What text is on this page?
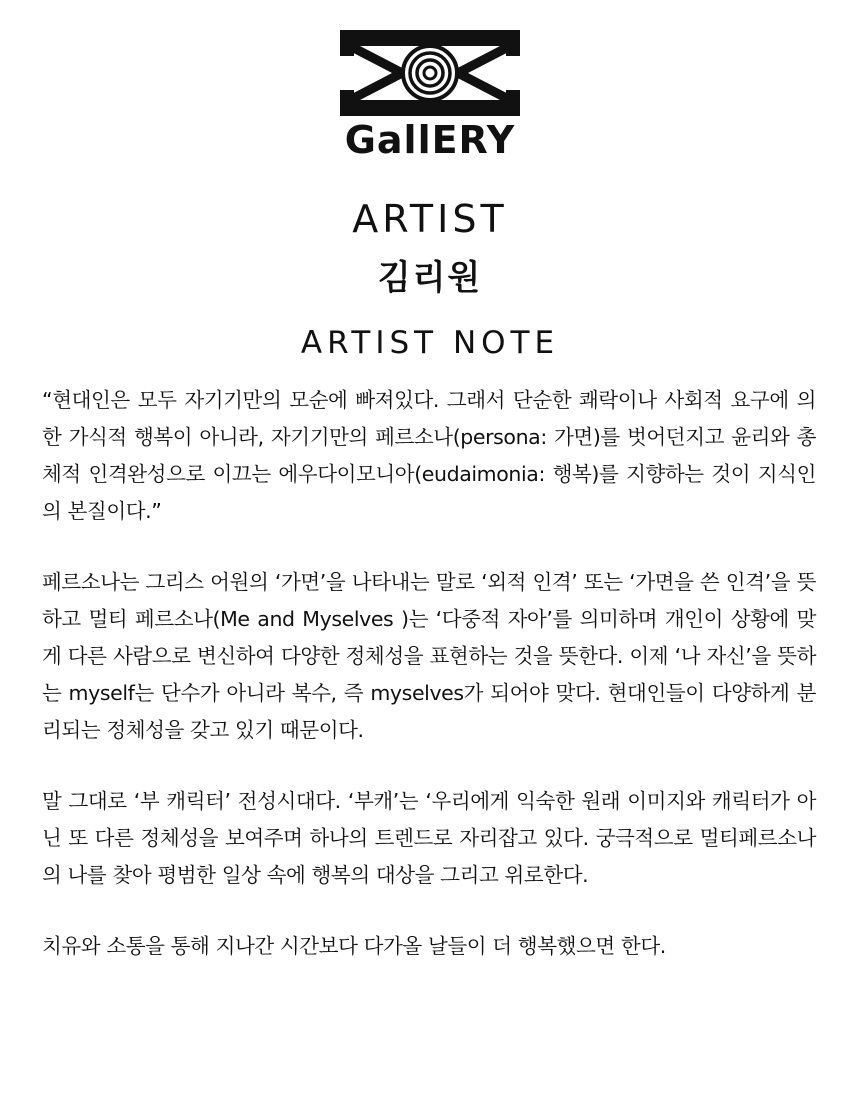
GallERY
ARTIST
김리원
ARTIST NOTE

“현대인은 모두 자기기만의 모순에 빠져있다. 그래서 단순한 쾌락이나 사회적 요구에 의한 가식적 행복이 아니라, 자기기만의 페르소나(persona: 가면)를 벗어던지고 윤리와 총체적 인격완성으로 이끄는 에우다이모니아(eudaimonia: 행복)를 지향하는 것이 지식인의 본질이다.”

페르소나는 그리스 어원의 ‘가면’을 나타내는 말로 ‘외적 인격’ 또는 ‘가면을 쓴 인격’을 뜻하고 멀티 페르소나(Me and Myselves )는 ‘다중적 자아’를 의미하며 개인이 상황에 맞게 다른 사람으로 변신하여 다양한 정체성을 표현하는 것을 뜻한다. 이제 ‘나 자신’을 뜻하는 myself는 단수가 아니라 복수, 즉 myselves가 되어야 맞다. 현대인들이 다양하게 분리되는 정체성을 갖고 있기 때문이다.

말 그대로 ‘부 캐릭터’ 전성시대다. ‘부캐’는 ‘우리에게 익숙한 원래 이미지와 캐릭터가 아닌 또 다른 정체성을 보여주며 하나의 트렌드로 자리잡고 있다. 궁극적으로 멀티페르소나의 나를 찾아 평범한 일상 속에 행복의 대상을 그리고 위로한다.

치유와 소통을 통해 지나간 시간보다 다가올 날들이 더 행복했으면 한다.
